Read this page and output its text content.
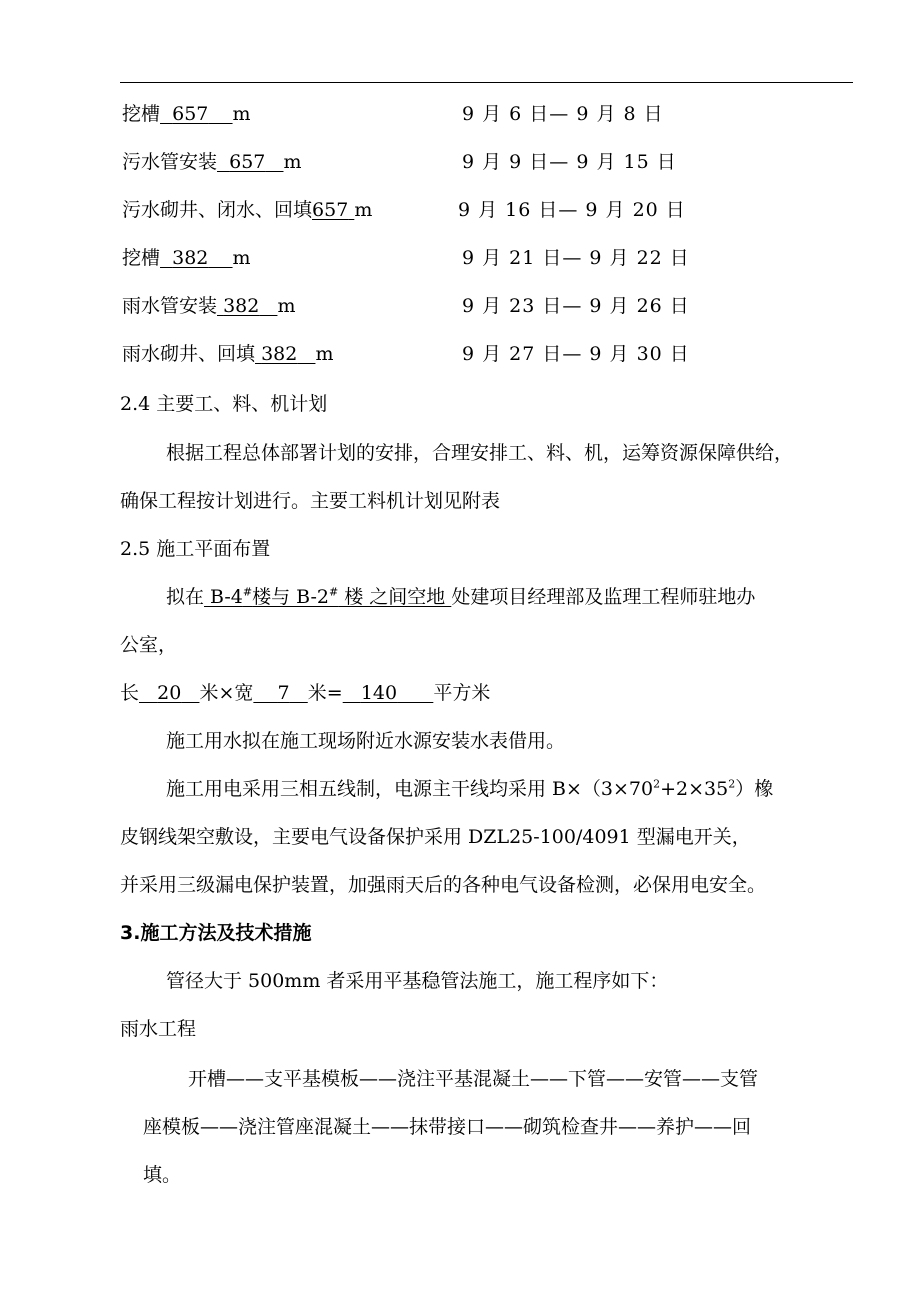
挖槽 657 m	9 月 6 日— 9 月 8 日
污水管安装 657 m	9 月 9 日— 9 月 15 日
污水砌井、闭水、回填657 m	9 月 16 日— 9 月 20 日
挖槽 382 m	9 月 21 日— 9 月 22 日
雨水管安装 382 m	9 月 23 日— 9 月 26 日
雨水砌井、回填 382 m	9 月 27 日— 9 月 30 日
2.4 主要工、料、机计划
根据工程总体部署计划的安排，合理安排工、料、机，运筹资源保障供给，
确保工程按计划进行。主要工料机计划见附表
2.5 施工平面布置
拟在 B-4#楼与 B-2# 楼 之间空地 处建项目经理部及监理工程师驻地办
公室，
长 20 米×宽 7 米= 140 平方米
施工用水拟在施工现场附近水源安装水表借用。
施工用电采用三相五线制，电源主干线均采用 $B\times(3\times 70^2+2\times 35^2)$橡
皮钢线架空敷设，主要电气设备保护采用 DZL25-100/4091 型漏电开关，
并采用三级漏电保护装置，加强雨天后的各种电气设备检测，必保用电安全。
3.施工方法及技术措施
管径大于 500mm 者采用平基稳管法施工，施工程序如下：
雨水工程
开槽——支平基模板——浇注平基混凝土——下管——安管——支管
座模板——浇注管座混凝土——抹带接口——砌筑检查井——养护——回
填。
